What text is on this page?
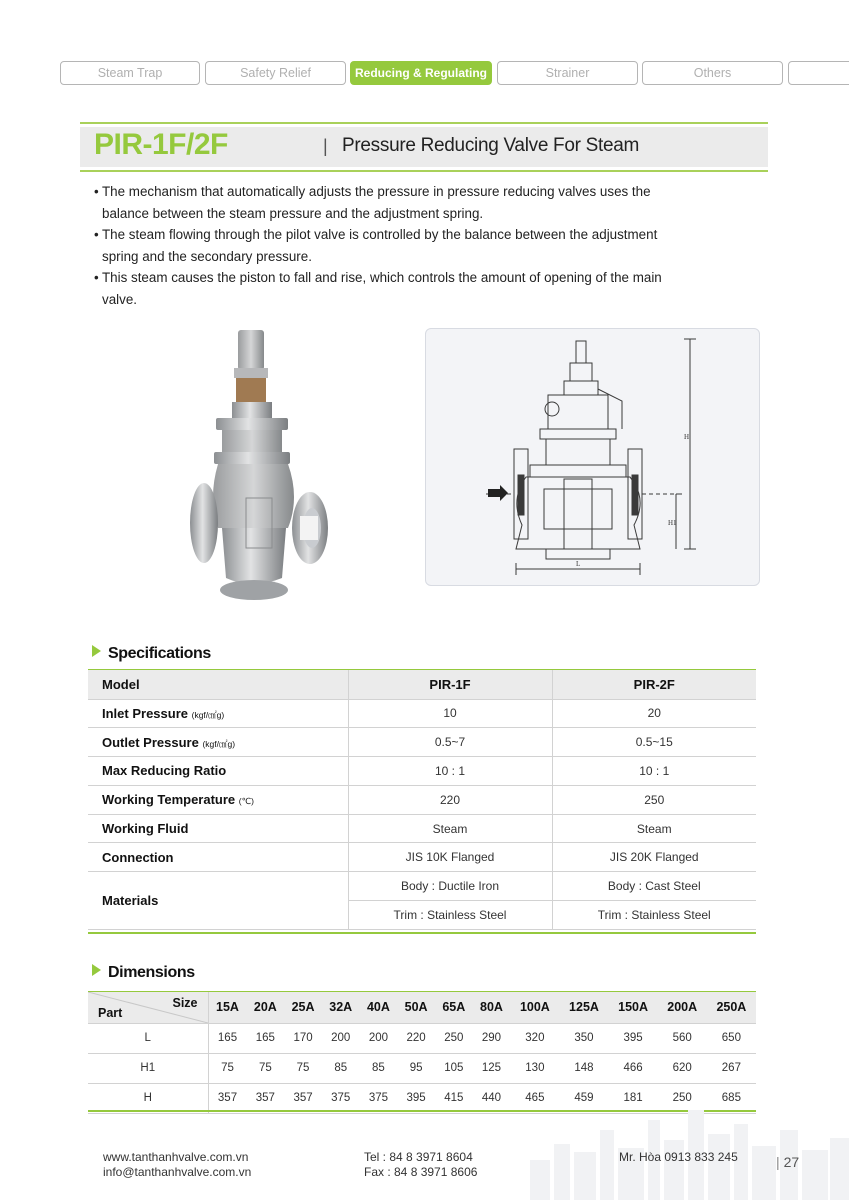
Steam Trap	Safety Relief	Reducing & Regulating	Strainer	Others
PIR-1F/2F	| Pressure Reducing Valve For Steam
• The mechanism that automatically adjusts the pressure in pressure reducing valves uses the balance between the steam pressure and the adjustment spring.
• The steam flowing through the pilot valve is controlled by the balance between the adjustment spring and the secondary pressure.
• This steam causes the piston to fall and rise, which controls the amount of opening of the main valve.
H
H1
L
Specifications
Model	PIR-1F	PIR-2F
Inlet Pressure (kgf/㎠g)	10	20
Outlet Pressure (kgf/㎠g)	0.5~7	0.5~15
Max Reducing Ratio	10 : 1	10 : 1
Working Temperature (℃)	220	250
Working Fluid	Steam	Steam
Connection	JIS 10K Flanged	JIS 20K Flanged
Materials	Body : Ductile Iron	Body : Cast Steel
	Trim : Stainless Steel	Trim : Stainless Steel
Dimensions
Size
Part	15A	20A	25A	32A	40A	50A	65A	80A	100A	125A	150A	200A	250A
L	165	165	170	200	200	220	250	290	320	350	395	560	650
H1	75	75	75	85	85	95	105	125	130	148	466	620	267
H	357	357	357	375	375	395	415	440	465	459	181	250	685
www.tanthanhvalve.com.vn
info@tanthanhvalve.com.vn
Tel : 84 8 3971 8604
Fax : 84 8 3971 8606
Mr. Hòa 0913 833 245	| 27
